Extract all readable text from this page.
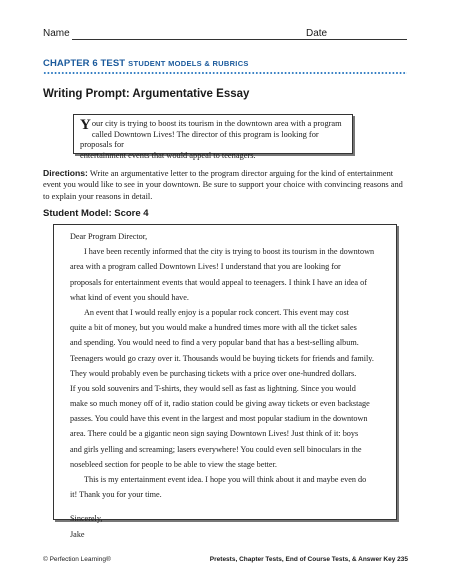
Name	Date
CHAPTER 6 TEST STUDENT MODELS & RUBRICS
Writing Prompt: Argumentative Essay
Y our city is trying to boost its tourism in the downtown area with a program
called Downtown Lives! The director of this program is looking for proposals for
entertainment events that would appeal to teenagers.
Directions: Write an argumentative letter to the program director arguing for the kind of entertainment
event you would like to see in your downtown. Be sure to support your choice with convincing reasons and
to explain your reasons in detail.
Student Model: Score 4
Dear Program Director,
I have been recently informed that the city is trying to boost its tourism in the downtown
area with a program called Downtown Lives! I understand that you are looking for
proposals for entertainment events that would appeal to teenagers. I think I have an idea of
what kind of event you should have.
An event that I would really enjoy is a popular rock concert. This event may cost
quite a bit of money, but you would make a hundred times more with all the ticket sales
and spending. You would need to find a very popular band that has a best-selling album.
Teenagers would go crazy over it. Thousands would be buying tickets for friends and family.
They would probably even be purchasing tickets with a price over one-hundred dollars.
If you sold souvenirs and T-shirts, they would sell as fast as lightning. Since you would
make so much money off of it, radio station could be giving away tickets or even backstage
passes. You could have this event in the largest and most popular stadium in the downtown
area. There could be a gigantic neon sign saying Downtown Lives! Just think of it: boys
and girls yelling and screaming; lasers everywhere! You could even sell binoculars in the
nosebleed section for people to be able to view the stage better.
This is my entertainment event idea. I hope you will think about it and maybe even do
it! Thank you for your time.
Sincerely,
Jake
© Perfection Learning®	Pretests, Chapter Tests, End of Course Tests, & Answer Key 235
